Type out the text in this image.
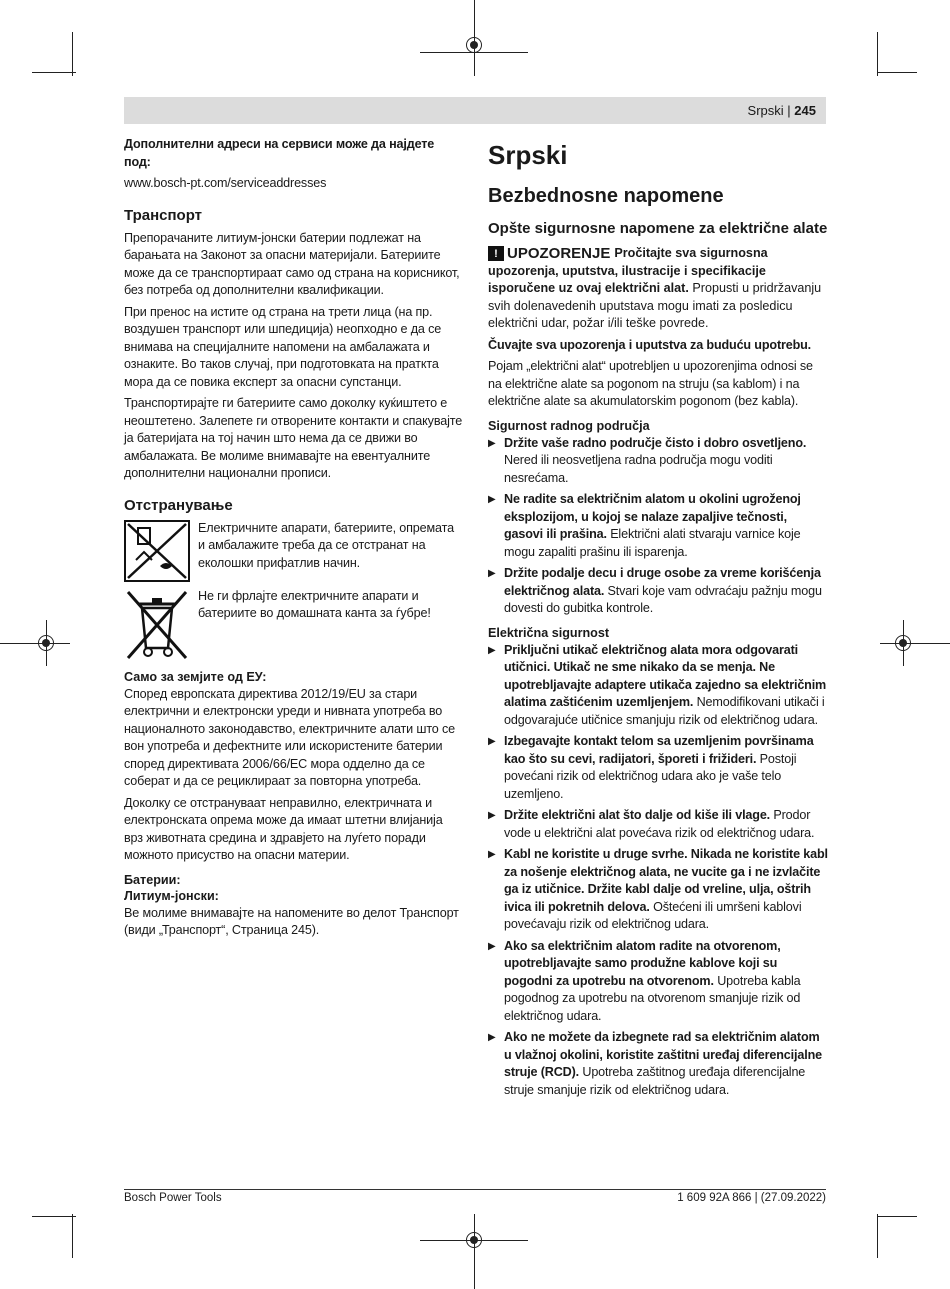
Srpski | 245

Дополнителни адреси на сервиси може да најдете под:

www.bosch-pt.com/serviceaddresses

Транспорт

Препорачаните литиум-јонски батерии подлежат на барањата на Законот за опасни материјали. Батериите може да се транспортираат само од страна на корисникот, без потреба од дополнителни квалификации.

При пренос на истите од страна на трети лица (на пр. воздушен транспорт или шпедиција) неопходно е да се внимава на специјалните напомени на амбалажата и ознаките. Во таков случај, при подготовката на праткта мора да се повика експерт за опасни супстанци.

Транспортирајте ги батериите само доколку куќиштето е неоштетено. Залепете ги отворените контакти и спакувајте ја батеријата на тој начин што нема да се движи во амбалажата. Ве молиме внимавајте на евентуалните дополнителни национални прописи.

Отстранување

Електричните апарати, батериите, опремата и амбалажите треба да се отстранат на еколошки прифатлив начин.

Не ги фрлајте електричните апарати и батериите во домашната канта за ѓубре!

Само за земјите од ЕУ:

Според европската директива 2012/19/EU за стари електрични и електронски уреди и нивната употреба во националното законодавство, електричните алати што се вон употреба и дефектните или искористените батерии според директивата 2006/66/EC мора одделно да се соберат и да се рециклираат за повторна употреба.

Доколку се отстрануваат неправилно, електричната и електронската опрема може да имаат штетни влијанија врз животната средина и здравјето на луѓето поради можното присуство на опасни материи.

Батерии:
Литиум-јонски:

Ве молиме внимавајте на напомените во делот Транспорт (види „Транспорт“, Страница 245).

Srpski
Bezbednosne napomene
Opšte sigurnosne napomene za električne alate
! UPOZORENJE Pročitajte sva sigurnosna upozorenja, uputstva, ilustracije i specifikacije isporučene uz ovaj električni alat. Propusti u pridržavanju svih dolenavedenih uputstava mogu imati za posledicu električni udar, požar i/ili teške povrede.

Čuvajte sva upozorenja i uputstva za buduću upotrebu.

Pojam „električni alat“ upotrebljen u upozorenjima odnosi se na električne alate sa pogonom na struju (sa kablom) i na električne alate sa akumulatorskim pogonom (bez kabla).

Sigurnost radnog područja
▶ Držite vaše radno područje čisto i dobro osvetljeno. Nered ili neosvetljena radna područja mogu voditi nesrećama.
▶ Ne radite sa električnim alatom u okolini ugroženoj eksplozijom, u kojoj se nalaze zapaljive tečnosti, gasovi ili prašina. Električni alati stvaraju varnice koje mogu zapaliti prašinu ili isparenja.
▶ Držite podalje decu i druge osobe za vreme korišćenja električnog alata. Stvari koje vam odvraćaju pažnju mogu dovesti do gubitka kontrole.
Električna sigurnost
▶ Priključni utikač električnog alata mora odgovarati utičnici. Utikač ne sme nikako da se menja. Ne upotrebljavajte adaptere utikača zajedno sa električnim alatima zaštićenim uzemljenjem. Nemodifikovani utikači i odgovarajuće utičnice smanjuju rizik od električnog udara.
▶ Izbegavajte kontakt telom sa uzemljenim površinama kao što su cevi, radijatori, šporeti i frižideri. Postoji povećani rizik od električnog udara ako je vaše telo uzemljeno.
▶ Držite električni alat što dalje od kiše ili vlage. Prodor vode u električni alat povećava rizik od električnog udara.
▶ Kabl ne koristite u druge svrhe. Nikada ne koristite kabl za nošenje električnog alata, ne vucite ga i ne izvlačite ga iz utičnice. Držite kabl dalje od vreline, ulja, oštrih ivica ili pokretnih delova. Oštećeni ili umršeni kablovi povećavaju rizik od električnog udara.
▶ Ako sa električnim alatom radite na otvorenom, upotrebljavajte samo produžne kablove koji su pogodni za upotrebu na otvorenom. Upotreba kabla pogodnog za upotrebu na otvorenom smanjuje rizik od električnog udara.
▶ Ako ne možete da izbegnete rad sa električnim alatom u vlažnoj okolini, koristite zaštitni uređaj diferencijalne struje (RCD). Upotreba zaštitnog uređaja diferencijalne struje smanjuje rizik od električnog udara.
Bosch Power Tools	1 609 92A 866 | (27.09.2022)
